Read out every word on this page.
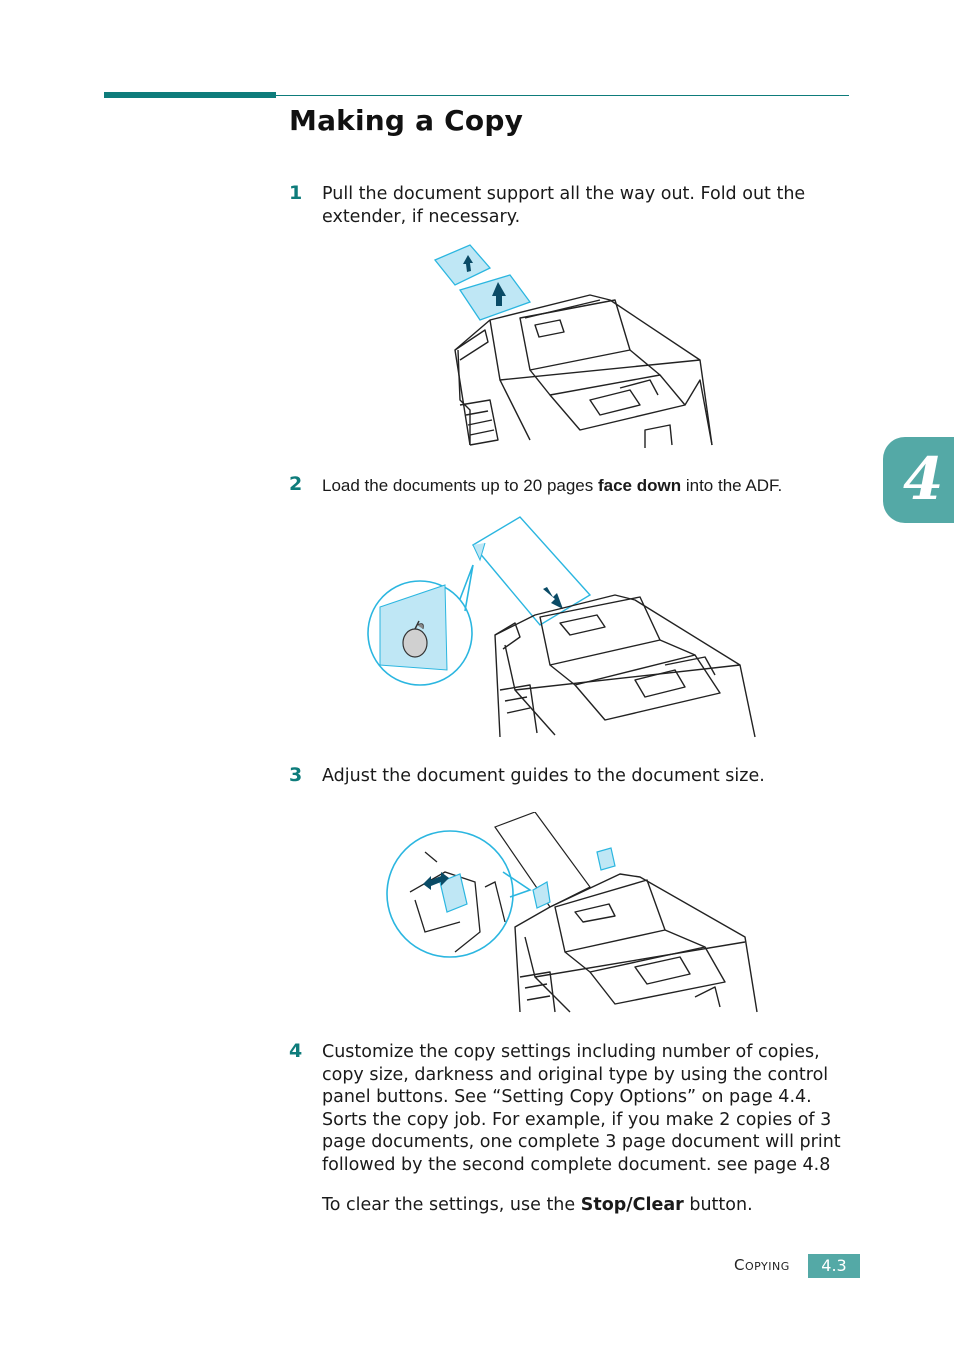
Making a Copy
1 Pull the document support all the way out. Fold out the extender, if necessary.
2 Load the documents up to 20 pages face down into the ADF.
3 Adjust the document guides to the document size.
4 Customize the copy settings including number of copies, copy size, darkness and original type by using the control panel buttons. See “Setting Copy Options” on page 4.4. Sorts the copy job. For example, if you make 2 copies of 3 page documents, one complete 3 page document will print followed by the second complete document. see page 4.8
To clear the settings, use the Stop/Clear button.
4
Copying	4.3
